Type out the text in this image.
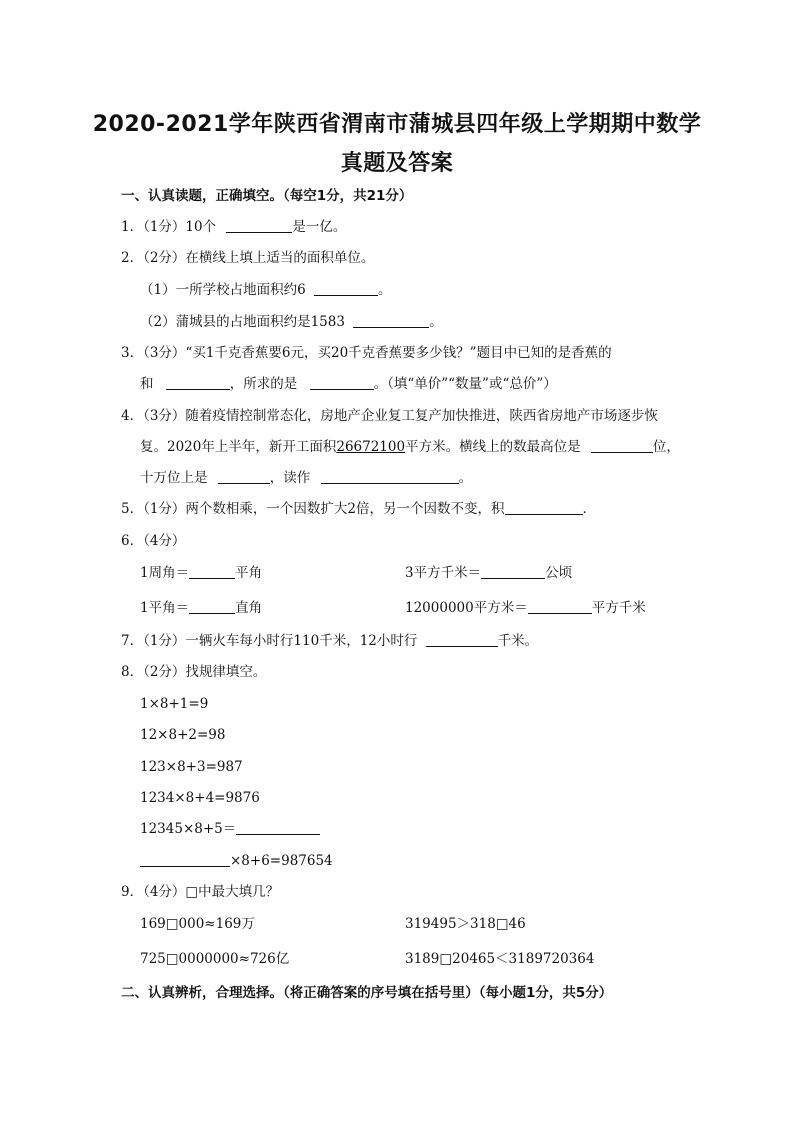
2020-2021学年陕西省渭南市蒲城县四年级上学期期中数学
真题及答案
一、认真读题，正确填空。（每空1分，共21分）
1．（1分）10个	是一亿。
2．（2分）在横线上填上适当的面积单位。
（1）一所学校占地面积约6	。
（2）蒲城县的占地面积约是1583	。
3．（3分）“买1千克香蕉要6元，买20千克香蕉要多少钱？”题目中已知的是香蕉的
和	，所求的是	。（填“单价”“数量”或“总价”）
4．（3分）随着疫情控制常态化，房地产企业复工复产加快推进，陕西省房地产市场逐步恢
复。2020年上半年，新开工面积26672100平方米。横线上的数最高位是	位，
十万位上是	，读作	。
5．（1分）两个数相乘，一个因数扩大2倍，另一个因数不变，积	．
6．（4分）
1周角＝	平角	3平方千米＝	公顷
1平角＝	直角	12000000平方米＝	平方千米
7．（1分）一辆火车每小时行110千米，12小时行	千米。
8．（2分）找规律填空。
1×8+1=9
12×8+2=98
123×8+3=987
1234×8+4=9876
12345×8+5＝
×8+6=987654
9．（4分）□中最大填几？
169□000≈169万	319495＞318□46
725□0000000≈726亿	3189□20465＜3189720364
二、认真辨析，合理选择。（将正确答案的序号填在括号里）（每小题1分，共5分）
